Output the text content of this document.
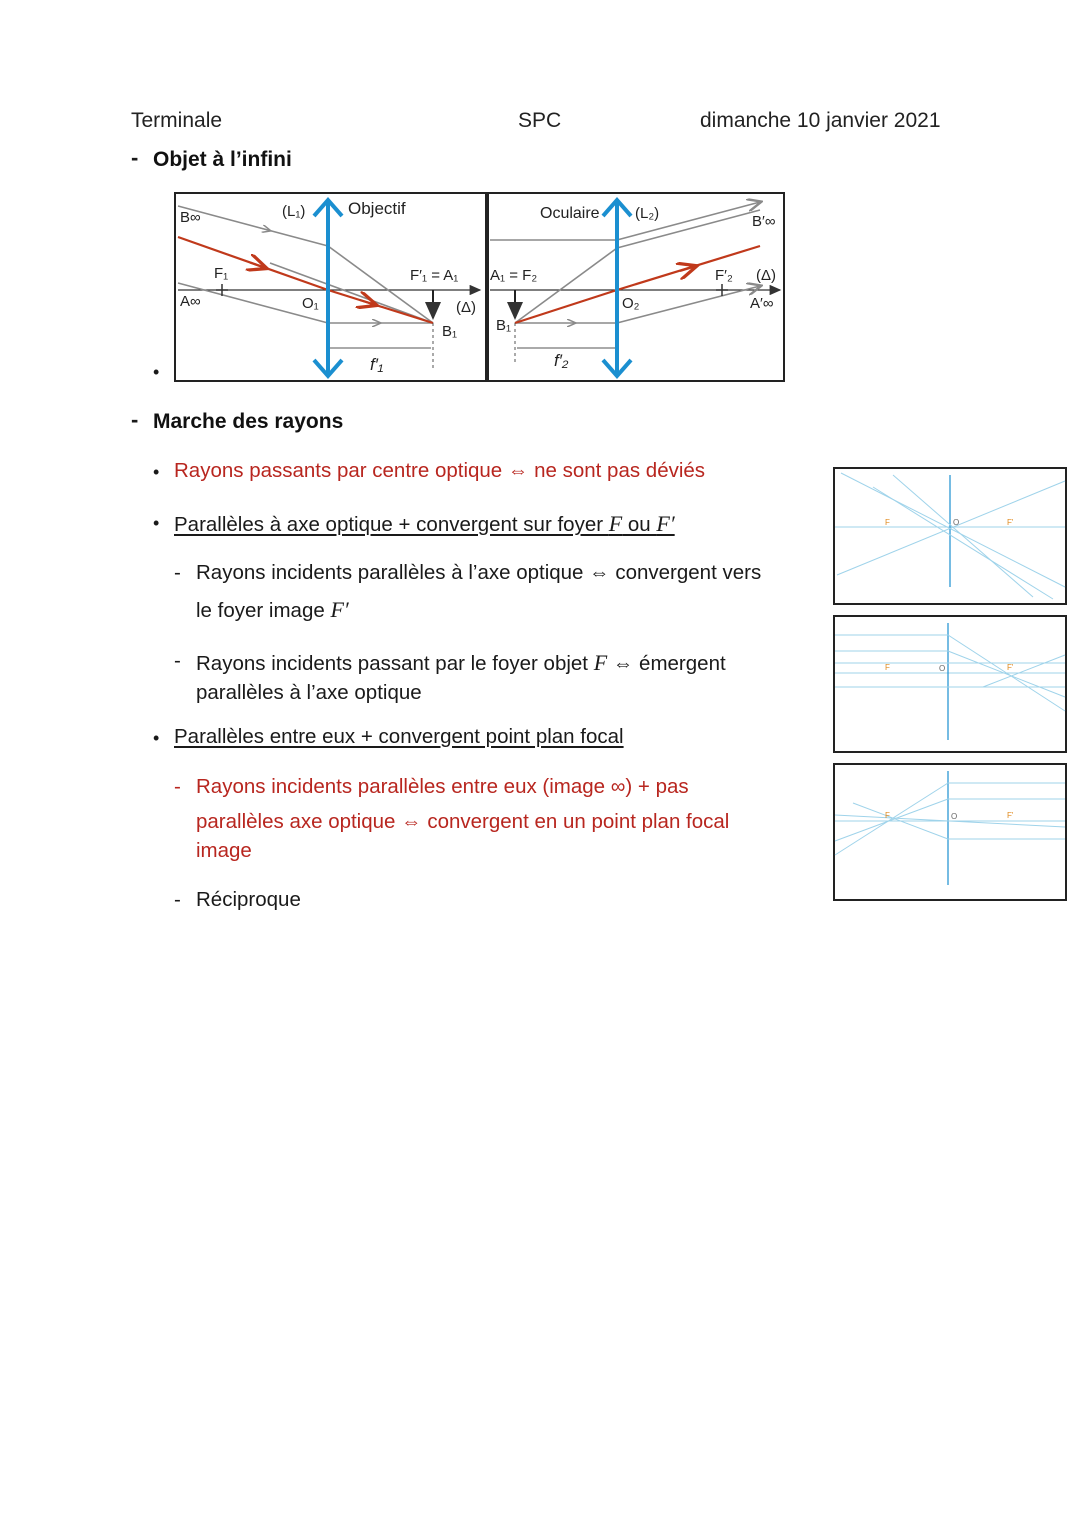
Terminale	SPC	dimanche 10 janvier 2021
- Objet à l’infini
•
B∞
A∞
F₁
(L₁)	Objectif
O₁
F′₁ = A₁
(Δ)
B₁
f′₁
Oculaire (L₂)
A₁ = F₂
B₁
O₂
F′₂ (Δ)
B′∞
A′∞
f′₂
- Marche des rayons
• Rayons passants par centre optique ⇔ ne sont pas déviés
• Parallèles à axe optique + convergent sur foyer F ou F′
- Rayons incidents parallèles à l’axe optique ⇔ convergent vers
le foyer image F′
- Rayons incidents passant par le foyer objet F ⇔ émergent
parallèles à l’axe optique
• Parallèles entre eux + convergent point plan focal
- Rayons incidents parallèles entre eux (image ∞) + pas
parallèles axe optique ⇔ convergent en un point plan focal
image
- Réciproque
F	O	F'
F	O	F'
F	O	F'
